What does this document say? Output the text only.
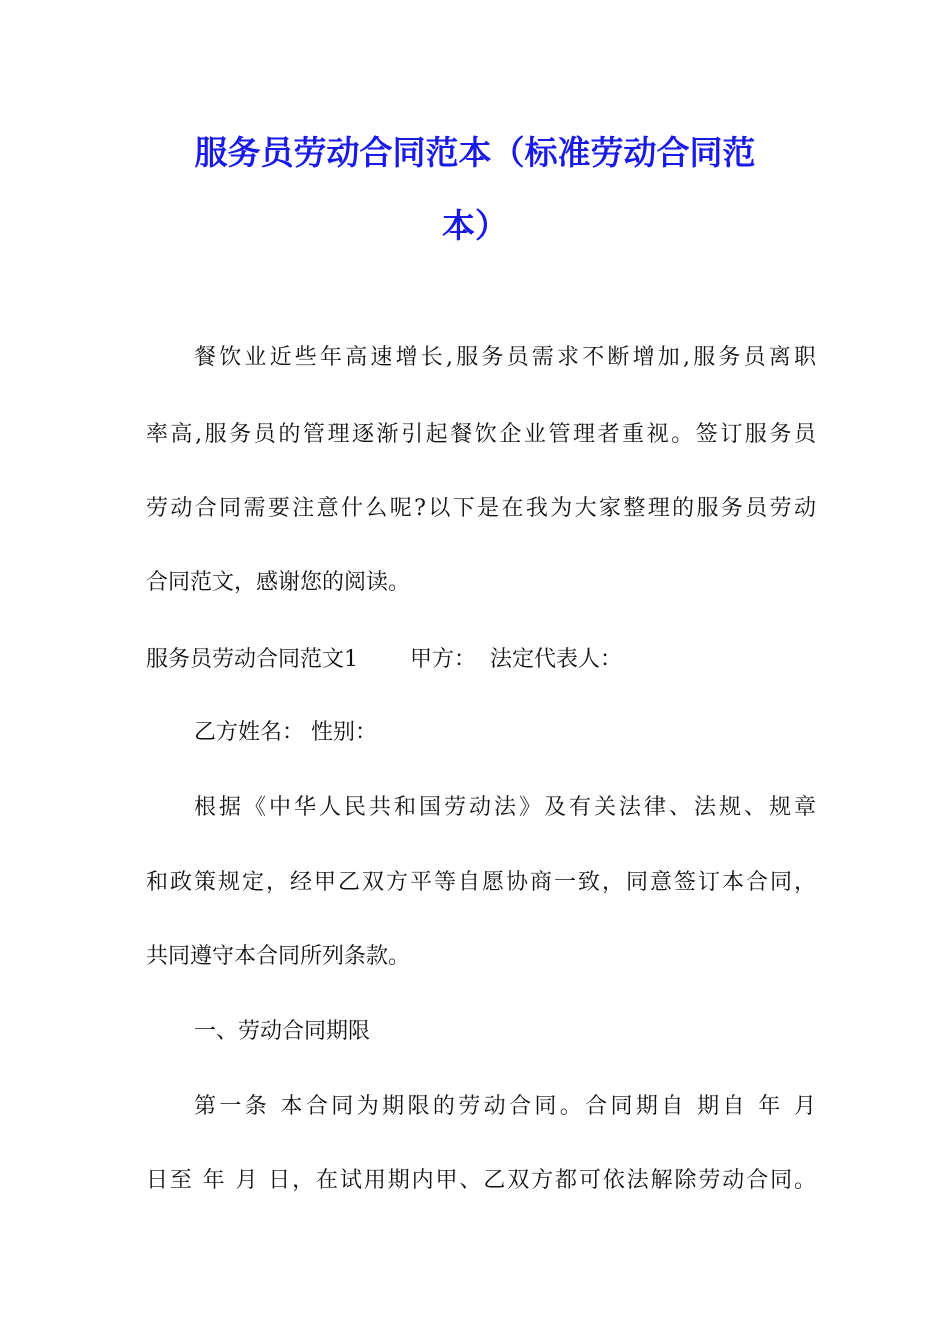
服务员劳动合同范本（标准劳动合同范
本）

餐饮业近些年高速增长,服务员需求不断增加,服务员离职

率高,服务员的管理逐渐引起餐饮企业管理者重视。签订服务员

劳动合同需要注意什么呢?以下是在我为大家整理的服务员劳动

合同范文，感谢您的阅读。

服务员劳动合同范文1 甲方： 法定代表人：

乙方姓名： 性别：

根据《中华人民共和国劳动法》及有关法律、法规、规章

和政策规定，经甲乙双方平等自愿协商一致，同意签订本合同，

共同遵守本合同所列条款。

一、劳动合同期限

第一条 本合同为期限的劳动合同。合同期自 期自 年 月

日至 年 月 日，在试用期内甲、乙双方都可依法解除劳动合同。
